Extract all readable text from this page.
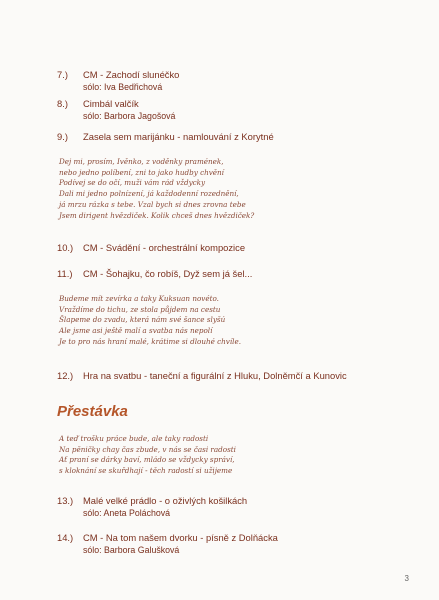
7.) CM - Zachodí slunéčko
sólo: Iva Bedřichová
8.) Cimbál valčík
sólo: Barbora Jagošová
9.) Zasela sem marijánku - namlouvání z Korytné
Dej mi, prosím, Ivěnko, z voděnky pramének,
nebo jedno políbení, zni to jako hudby chvění
Podívej se do očí, muži vám rád vždycky
Dali mi jedno polnízení, já každodenní rozednění,
já mrzu rázka s tebe. Vzal bych si dnes zrovna tebe
Jsem dirigent hvězdiček. Kolik chceš dnes hvězdiček?
10.) CM - Svádění - orchestrální kompozice
11.) CM - Šohajku, čo robíš, Dyž sem já šel...
Budeme mít zevírka a taky Kuksuan novéto.
Vraždíme do tichu, ze stola půjdem na cestu
Šlapeme do zvadu, která nám své šance slyšú
Ale jsme asi ještě malí a svatba nás nepolí
Je to pro nás hraní malé, krátime si dlouhé chvíle.
12.) Hra na svatbu - taneční a figurální z Hluku, Dolněmčí a Kunovic
Přestávka
A teď trošku práce bude, ale taky radosti
Na pěničky chay čas zbude, v nás se časi radosti
Ať praní se dárky baví, mládo se vždycky správí,
s kloknání se skuřdhají - těch radostí si užijeme
13.) Malé velké prádlo - o oživlých košilkách
sólo: Aneta Poláchová
14.) CM - Na tom našem dvorku - písně z Dolňácka
sólo: Barbora Galušková
3
